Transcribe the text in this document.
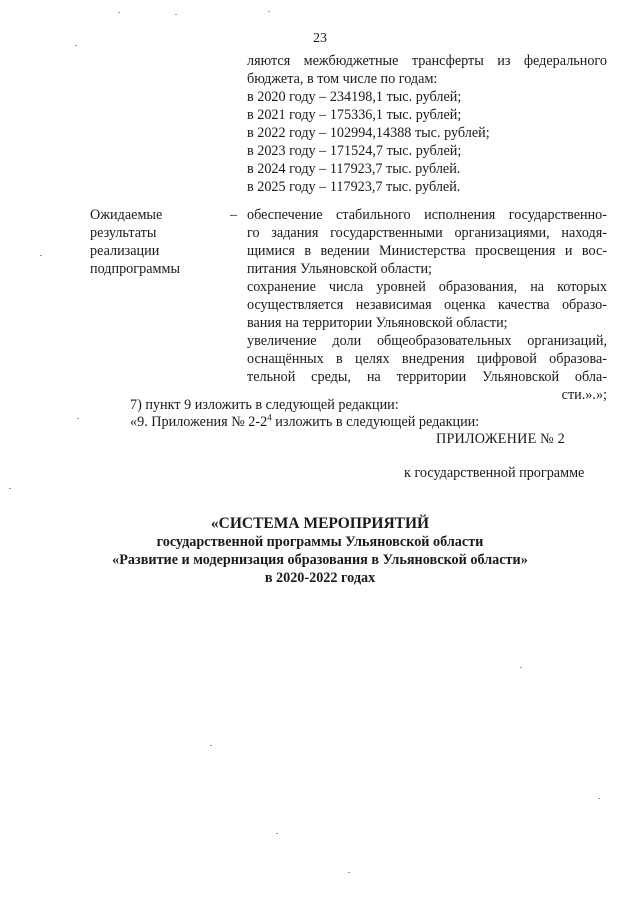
23
ляются межбюджетные трансферты из федерального
бюджета, в том числе по годам:
в 2020 году – 234198,1 тыс. рублей;
в 2021 году – 175336,1 тыс. рублей;
в 2022 году – 102994,14388 тыс. рублей;
в 2023 году – 171524,7 тыс. рублей;
в 2024 году – 117923,7 тыс. рублей.
в 2025 году – 117923,7 тыс. рублей.
Ожидаемые
результаты
реализации
подпрограммы
– обеспечение стабильного исполнения государственно-
го задания государственными организациями, находя-
щимися в ведении Министерства просвещения и вос-
питания Ульяновской области;
сохранение числа уровней образования, на которых
осуществляется независимая оценка качества образо-
вания на территории Ульяновской области;
увеличение доли общеобразовательных организаций,
оснащённых в целях внедрения цифровой образова-
тельной среды, на территории Ульяновской обла-
сти.».»;
7) пункт 9 изложить в следующей редакции:
«9. Приложения № $2-2^4$ изложить в следующей редакции:
ПРИЛОЖЕНИЕ № 2
к государственной программе
«СИСТЕМА МЕРОПРИЯТИЙ
государственной программы Ульяновской области
«Развитие и модернизация образования в Ульяновской области»
в 2020-2022 годах
